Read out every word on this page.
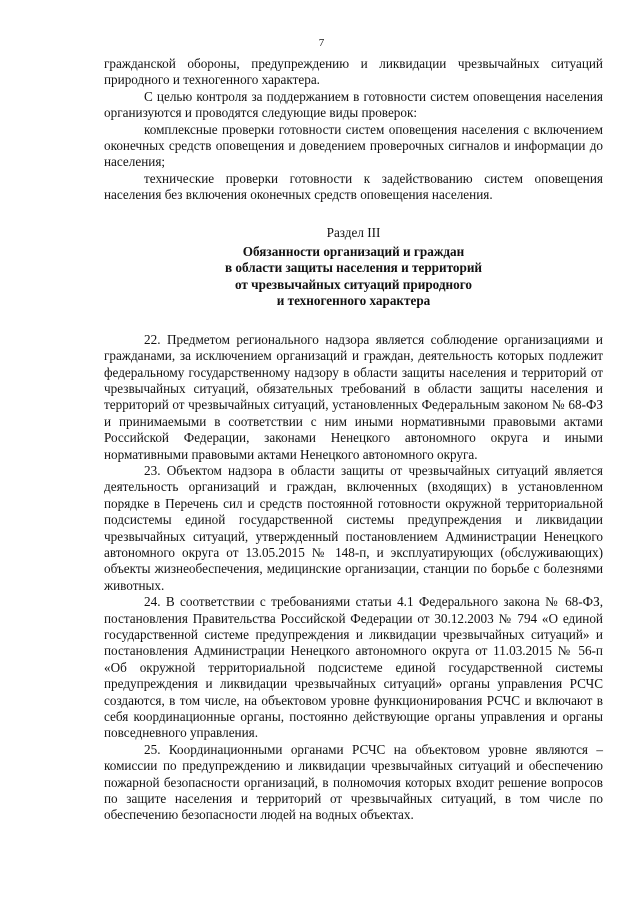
7

гражданской обороны, предупреждению и ликвидации чрезвычайных ситуаций природного и техногенного характера.

С целью контроля за поддержанием в готовности систем оповещения населения организуются и проводятся следующие виды проверок:

комплексные проверки готовности систем оповещения населения с включением оконечных средств оповещения и доведением проверочных сигналов и информации до населения;

технические проверки готовности к задействованию систем оповещения населения без включения оконечных средств оповещения населения.

Раздел III
Обязанности организаций и граждан
в области защиты населения и территорий
от чрезвычайных ситуаций природного
и техногенного характера

22. Предметом регионального надзора является соблюдение организациями и гражданами, за исключением организаций и граждан, деятельность которых подлежит федеральному государственному надзору в области защиты населения и территорий от чрезвычайных ситуаций, обязательных требований в области защиты населения и территорий от чрезвычайных ситуаций, установленных Федеральным законом № 68-ФЗ и принимаемыми в соответствии с ним иными нормативными правовыми актами Российской Федерации, законами Ненецкого автономного округа и иными нормативными правовыми актами Ненецкого автономного округа.

23. Объектом надзора в области защиты от чрезвычайных ситуаций является деятельность организаций и граждан, включенных (входящих) в установленном порядке в Перечень сил и средств постоянной готовности окружной территориальной подсистемы единой государственной системы предупреждения и ликвидации чрезвычайных ситуаций, утвержденный постановлением Администрации Ненецкого автономного округа от 13.05.2015 № 148-п, и эксплуатирующих (обслуживающих) объекты жизнеобеспечения, медицинские организации, станции по борьбе с болезнями животных.

24. В соответствии с требованиями статьи 4.1 Федерального закона № 68-ФЗ, постановления Правительства Российской Федерации от 30.12.2003 № 794 «О единой государственной системе предупреждения и ликвидации чрезвычайных ситуаций» и постановления Администрации Ненецкого автономного округа от 11.03.2015 № 56-п «Об окружной территориальной подсистеме единой государственной системы предупреждения и ликвидации чрезвычайных ситуаций» органы управления РСЧС создаются, в том числе, на объектовом уровне функционирования РСЧС и включают в себя координационные органы, постоянно действующие органы управления и органы повседневного управления.

25. Координационными органами РСЧС на объектовом уровне являются – комиссии по предупреждению и ликвидации чрезвычайных ситуаций и обеспечению пожарной безопасности организаций, в полномочия которых входит решение вопросов по защите населения и территорий от чрезвычайных ситуаций, в том числе по обеспечению безопасности людей на водных объектах.
